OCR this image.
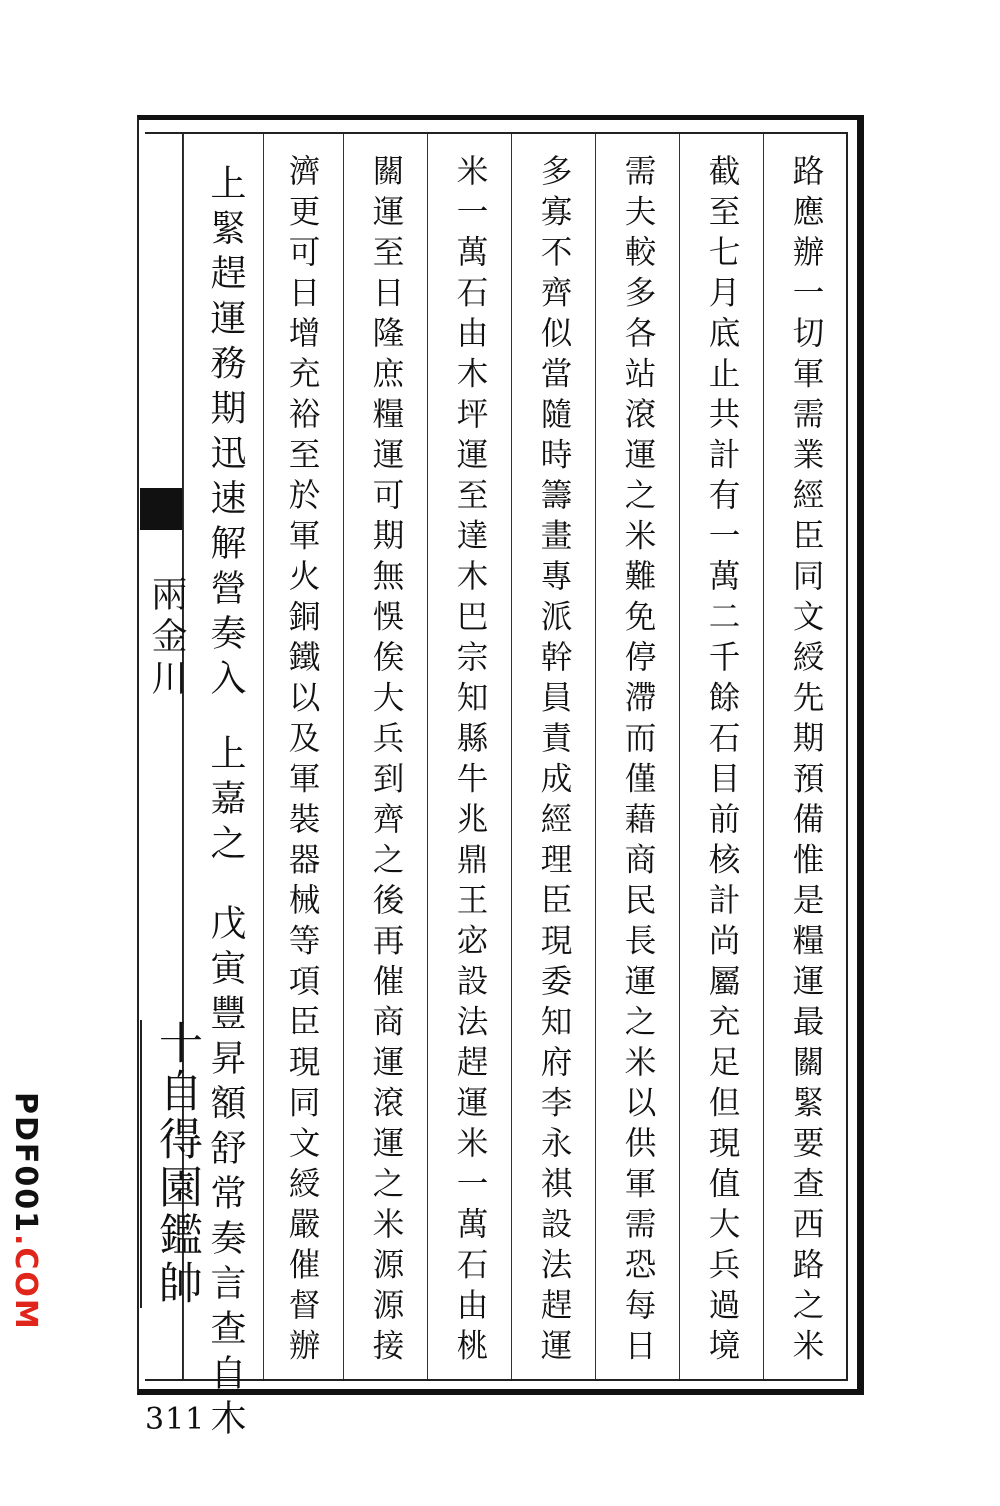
路應辦一切軍需業經臣同文綬先期預備惟是糧運最關緊要查西路之米
截至七月底止共計有一萬二千餘石目前核計尚屬充足但現值大兵過境
需夫較多各站滾運之米難免停滯而僅藉商民長運之米以供軍需恐每日
多寡不齊似當隨時籌畫專派幹員責成經理臣現委知府李永祺設法趕運
米一萬石由木坪運至達木巴宗知縣牛兆鼎王宓設法趕運米一萬石由桃
關運至日隆庶糧運可期無悞俟大兵到齊之後再催商運滾運之米源源接
濟更可日增充裕至於軍火銅鐵以及軍裝器械等項臣現同文綬嚴催督辦
上緊趕運務期迅速解營奏入
上嘉之
戊寅豐昇額舒常奏言查自木
兩金川
十自得園鑑帥
311
PDF001.COM
